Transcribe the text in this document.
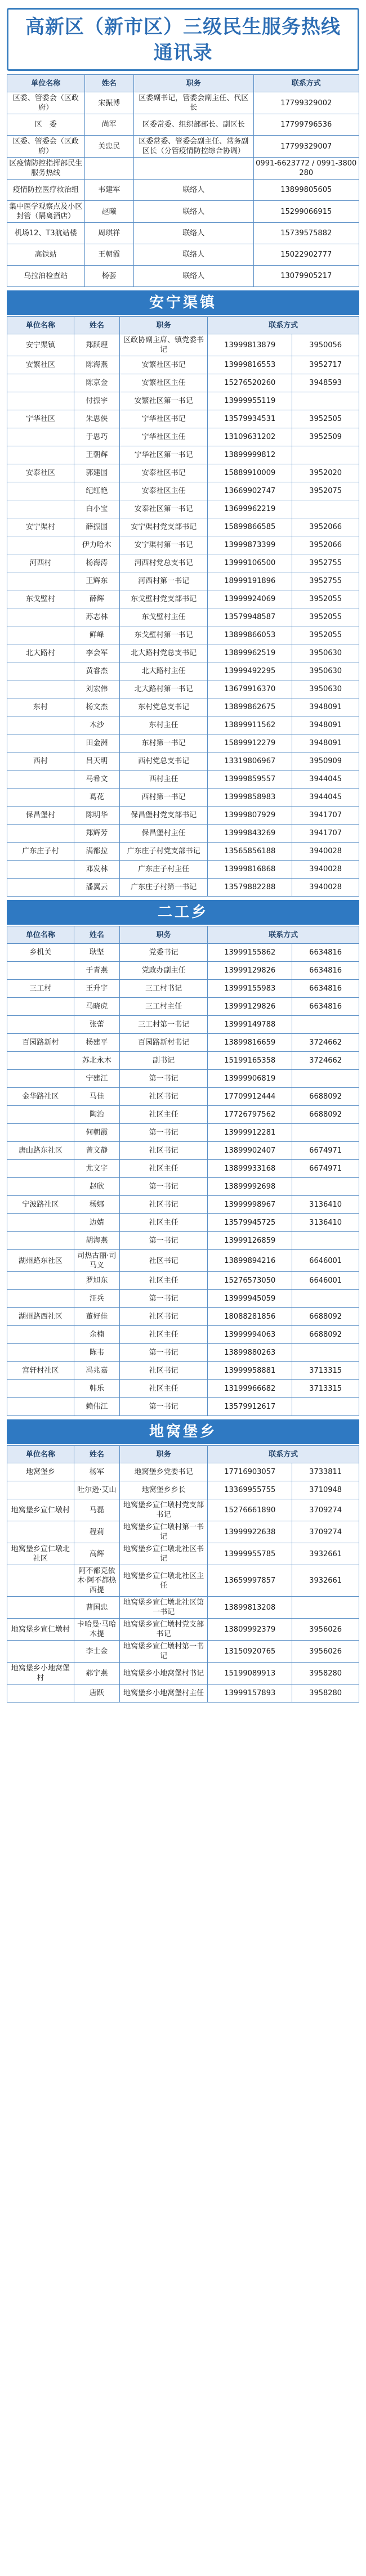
高新区（新市区）三级民生服务热线
通讯录
单位名称	姓名	职务	联系方式
区委、管委会（区政府）	宋振博	区委副书记，管委会副主任、代区长	17799329002
区　委	尚军	区委常委、组织部部长、副区长	17799796536
区委、管委会（区政府）	关忠民	区委常委、管委会副主任、常务副区长（分管疫情防控综合协调）	17799329007
区疫情防控指挥部民生服务热线			0991-6623772 / 0991-3800280
疫情防控医疗救治组	韦建军	联络人	13899805605
集中医学观察点及小区封管（隔离酒店）	赵曦	联络人	15299066915
机场12、T3航站楼	周琪祥	联络人	15739575882
高铁站	王朝霞	联络人	15022902777
乌拉泊检查站	杨荟	联络人	13079905217
安宁渠镇
单位名称	姓名	职务	联系方式	
安宁渠镇	郑跃理	区政协副主席、镇党委书记	13999813879	3950056
安繁社区	陈海燕	安繁社区书记	13999816553	3952717
	陈京金	安繁社区主任	15276520260	3948593
	付振宇	安繁社区第一书记	13999955119	
宁华社区	朱思侠	宁华社区书记	13579934531	3952505
	于思巧	宁华社区主任	13109631202	3952509
	王朝辉	宁华社区第一书记	13899999812	
安泰社区	郭建国	安泰社区书记	15889910009	3952020
	纪红艳	安泰社区主任	13669902747	3952075
	白小宝	安泰社区第一书记	13699962219	
安宁渠村	薛振国	安宁渠村党支部书记	15899866585	3952066
	伊力哈木	安宁渠村第一书记	13999873399	3952066
河西村	杨海涛	河西村党总支书记	13999106500	3952755
	王辉东	河西村第一书记	18999191896	3952755
东戈壁村	薛辉	东戈壁村党支部书记	13999924069	3952055
	苏志林	东戈壁村主任	13579948587	3952055
	鲜峰	东戈壁村第一书记	13899866053	3952055
北大路村	李会军	北大路村党总支书记	13899962519	3950630
	黄睿杰	北大路村主任	13999492295	3950630
	刘宏伟	北大路村第一书记	13679916370	3950630
东村	杨文杰	东村党总支书记	13899862675	3948091
	木沙	东村主任	13899911562	3948091
	田金洲	东村第一书记	15899912279	3948091
西村	吕天明	西村党总支书记	13319806967	3950909
	马希文	西村主任	13999859557	3944045
	葛花	西村第一书记	13999858983	3944045
保昌堡村	陈明华	保昌堡村党支部书记	13999807929	3941707
	郑辉芳	保昌堡村主任	13999843269	3941707
广东庄子村	满都拉	广东庄子村党支部书记	13565856188	3940028
	邓发林	广东庄子村主任	13999816868	3940028
	潘翼云	广东庄子村第一书记	13579882288	3940028
二工乡
单位名称	姓名	职务	联系方式	
乡机关	耿坚	党委书记	13999155862	6634816
	于青燕	党政办副主任	13999129826	6634816
三工村	王升宇	三工村书记	13999155983	6634816
	马晓虎	三工村主任	13999129826	6634816
	张蕾	三工村第一书记	13999149788	
百园路新村	杨建平	百园路新村书记	13899816659	3724662
	苏北永木	副书记	15199165358	3724662
	宁建江	第一书记	13999906819	
金华路社区	马佳	社区书记	17709912444	6688092
	陶治	社区主任	17726797562	6688092
	何朝霞	第一书记	13999912281	
唐山路东社区	曾文静	社区书记	13899902407	6674971
	尤文宇	社区主任	13899933168	6674971
	赵欣	第一书记	13899992698	
宁波路社区	杨娜	社区书记	13999998967	3136410
	边婧	社区主任	13579945725	3136410
	胡海燕	第一书记	13999126859	
湖州路东社区	司热古丽·司马义	社区书记	13899894216	6646001
	罗旭东	社区主任	15276573050	6646001
	汪兵	第一书记	13999945059	
湖州路西社区	董好佳	社区书记	18088281856	6688092
	余楠	社区主任	13999994063	6688092
	陈韦	第一书记	13899880263	
宫轩村社区	冯兆嘉	社区书记	13999958881	3713315
	韩乐	社区主任	13199966682	3713315
	赖伟江	第一书记	13579912617	
地窝堡乡
单位名称	姓名	职务	联系方式	
地窝堡乡	杨军	地窝堡乡党委书记	17716903057	3733811
	吐尔逊·艾山	地窝堡乡乡长	13369955755	3710948
地窝堡乡宣仁墩村	马磊	地窝堡乡宣仁墩村党支部书记	15276661890	3709274
	程莉	地窝堡乡宣仁墩村第一书记	13999922638	3709274
地窝堡乡宣仁墩北社区	高辉	地窝堡乡宣仁墩北社区书记	13999955785	3932661
	阿不都克依木·阿不都热西提	地窝堡乡宣仁墩北社区主任	13659997857	3932661
	曹国忠	地窝堡乡宣仁墩北社区第一书记	13899813208	
地窝堡乡宣仁墩村	卡哈曼·马哈木提	地窝堡乡宣仁墩村党支部书记	13809992379	3956026
	李士金	地窝堡乡宣仁墩村第一书记	13150920765	3956026
地窝堡乡小地窝堡村	郝宇燕	地窝堡乡小地窝堡村书记	15199089913	3958280
	唐跃	地窝堡乡小地窝堡村主任	13999157893	3958280
